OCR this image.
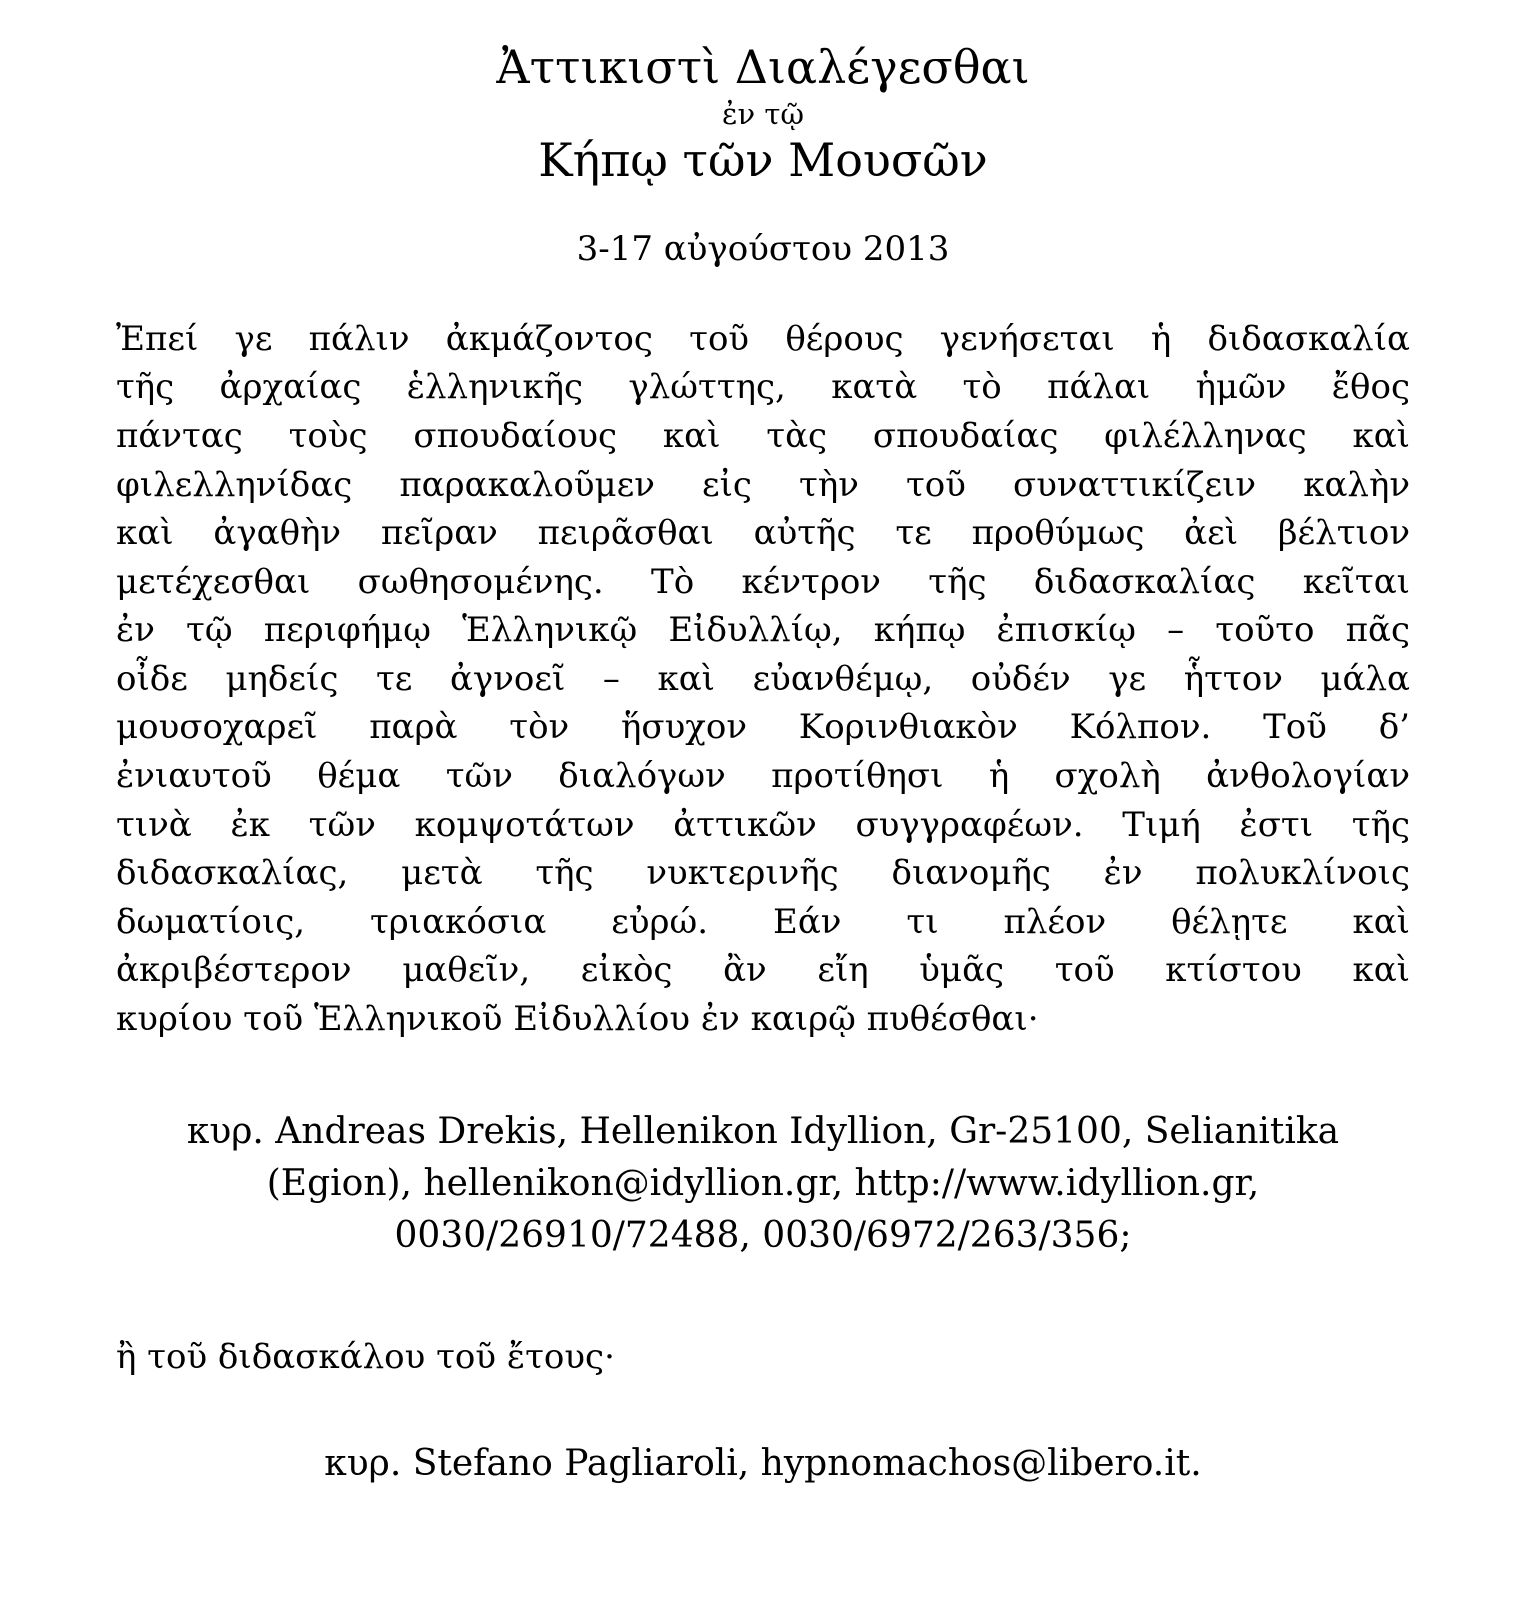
Ἀττικιστὶ Διαλέγεσθαι
ἐν τῷ
Κήπῳ τῶν Μουσῶν
3-17 αὐγούστου 2013
Ἐπεί γε πάλιν ἀκμάζοντος τοῦ θέρους γενήσεται ἡ διδασκαλία
τῆς ἀρχαίας ἑλληνικῆς γλώττης, κατὰ τὸ πάλαι ἡμῶν ἔθος
πάντας τοὺς σπουδαίους καὶ τὰς σπουδαίας φιλέλληνας καὶ
φιλελληνίδας παρακαλοῦμεν εἰς τὴν τοῦ συναττικίζειν καλὴν
καὶ ἀγαθὴν πεῖραν πειρᾶσθαι αὐτῆς τε προθύμως ἀεὶ βέλτιον
μετέχεσθαι σωθησομένης. Τὸ κέντρον τῆς διδασκαλίας κεῖται
ἐν τῷ περιφήμῳ Ἑλληνικῷ Εἰδυλλίῳ, κήπῳ ἐπισκίῳ – τοῦτο πᾶς
οἶδε μηδείς τε ἀγνοεῖ – καὶ εὐανθέμῳ, οὐδέν γε ἧττον μάλα
μουσοχαρεῖ παρὰ τὸν ἥσυχον Κορινθιακὸν Κόλπον. Τοῦ δ’
ἐνιαυτοῦ θέμα τῶν διαλόγων προτίθησι ἡ σχολὴ ἀνθολογίαν
τινὰ ἐκ τῶν κομψοτάτων ἀττικῶν συγγραφέων. Τιμή ἐστι τῆς
διδασκαλίας, μετὰ τῆς νυκτερινῆς διανομῆς ἐν πολυκλίνοις
δωματίοις, τριακόσια εὐρώ. Εάν τι πλέον θέλῃτε καὶ
ἀκριβέστερον μαθεῖν, εἰκὸς ἂν εἴη ὑμᾶς τοῦ κτίστου καὶ
κυρίου τοῦ Ἑλληνικοῦ Εἰδυλλίου ἐν καιρῷ πυθέσθαι·
κυρ. Andreas Drekis, Hellenikon Idyllion, Gr-25100, Selianitika
(Egion), hellenikon@idyllion.gr, http://www.idyllion.gr,
0030/26910/72488, 0030/6972/263/356;
ἢ τοῦ διδασκάλου τοῦ ἔτους·
κυρ. Stefano Pagliaroli, hypnomachos@libero.it.
